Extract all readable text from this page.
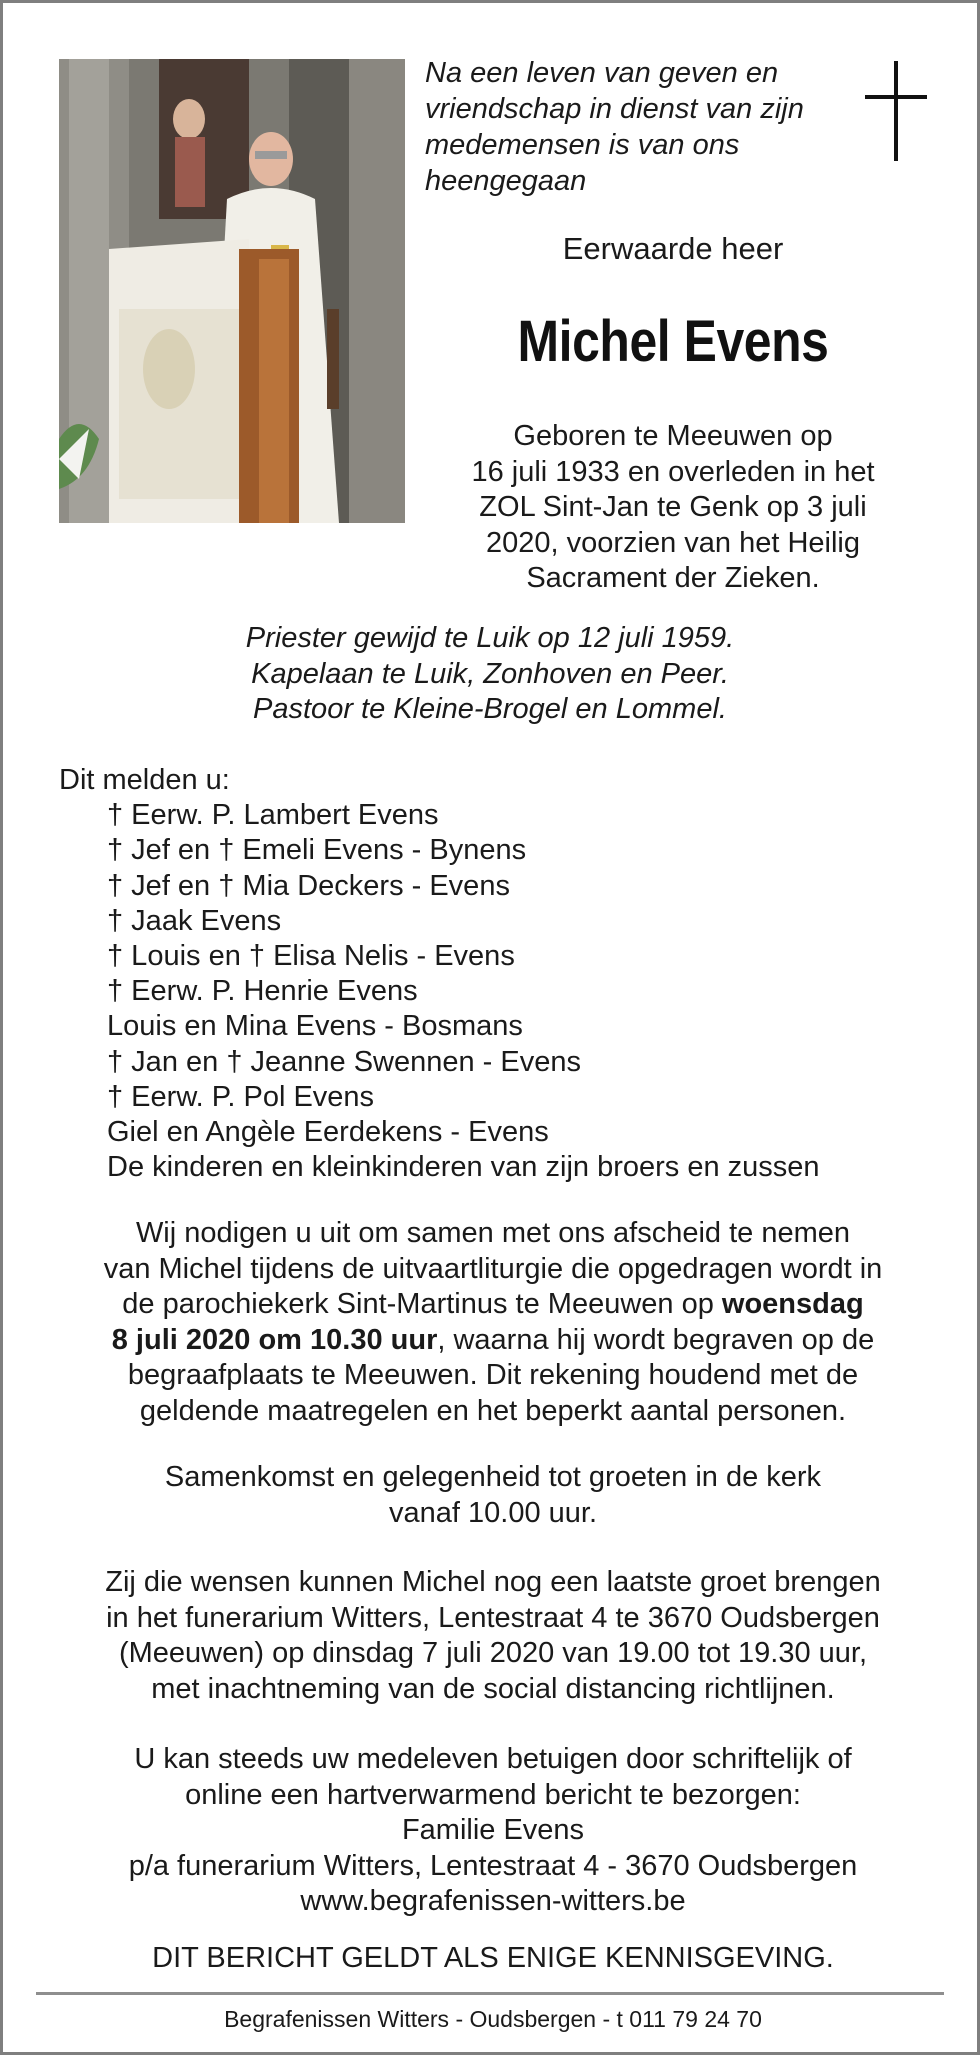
Na een leven van geven en
vriendschap in dienst van zijn
medemensen is van ons
heengegaan
Eerwaarde heer
Michel Evens
Geboren te Meeuwen op
16 juli 1933 en overleden in het
ZOL Sint-Jan te Genk op 3 juli
2020, voorzien van het Heilig
Sacrament der Zieken.
Priester gewijd te Luik op 12 juli 1959.
Kapelaan te Luik, Zonhoven en Peer.
Pastoor te Kleine-Brogel en Lommel.
Dit melden u:
† Eerw. P. Lambert Evens
† Jef en † Emeli Evens - Bynens
† Jef en † Mia Deckers - Evens
† Jaak Evens
† Louis en † Elisa Nelis - Evens
† Eerw. P. Henrie Evens
Louis en Mina Evens - Bosmans
† Jan en † Jeanne Swennen - Evens
† Eerw. P. Pol Evens
Giel en Angèle Eerdekens - Evens
De kinderen en kleinkinderen van zijn broers en zussen
Wij nodigen u uit om samen met ons afscheid te nemen
van Michel tijdens de uitvaartliturgie die opgedragen wordt in
de parochiekerk Sint-Martinus te Meeuwen op woensdag
8 juli 2020 om 10.30 uur, waarna hij wordt begraven op de
begraafplaats te Meeuwen. Dit rekening houdend met de
geldende maatregelen en het beperkt aantal personen.
Samenkomst en gelegenheid tot groeten in de kerk
vanaf 10.00 uur.
Zij die wensen kunnen Michel nog een laatste groet brengen
in het funerarium Witters, Lentestraat 4 te 3670 Oudsbergen
(Meeuwen) op dinsdag 7 juli 2020 van 19.00 tot 19.30 uur,
met inachtneming van de social distancing richtlijnen.
U kan steeds uw medeleven betuigen door schriftelijk of
online een hartverwarmend bericht te bezorgen:
Familie Evens
p/a funerarium Witters, Lentestraat 4 - 3670 Oudsbergen
www.begrafenissen-witters.be
DIT BERICHT GELDT ALS ENIGE KENNISGEVING.
Begrafenissen Witters - Oudsbergen - t 011 79 24 70
